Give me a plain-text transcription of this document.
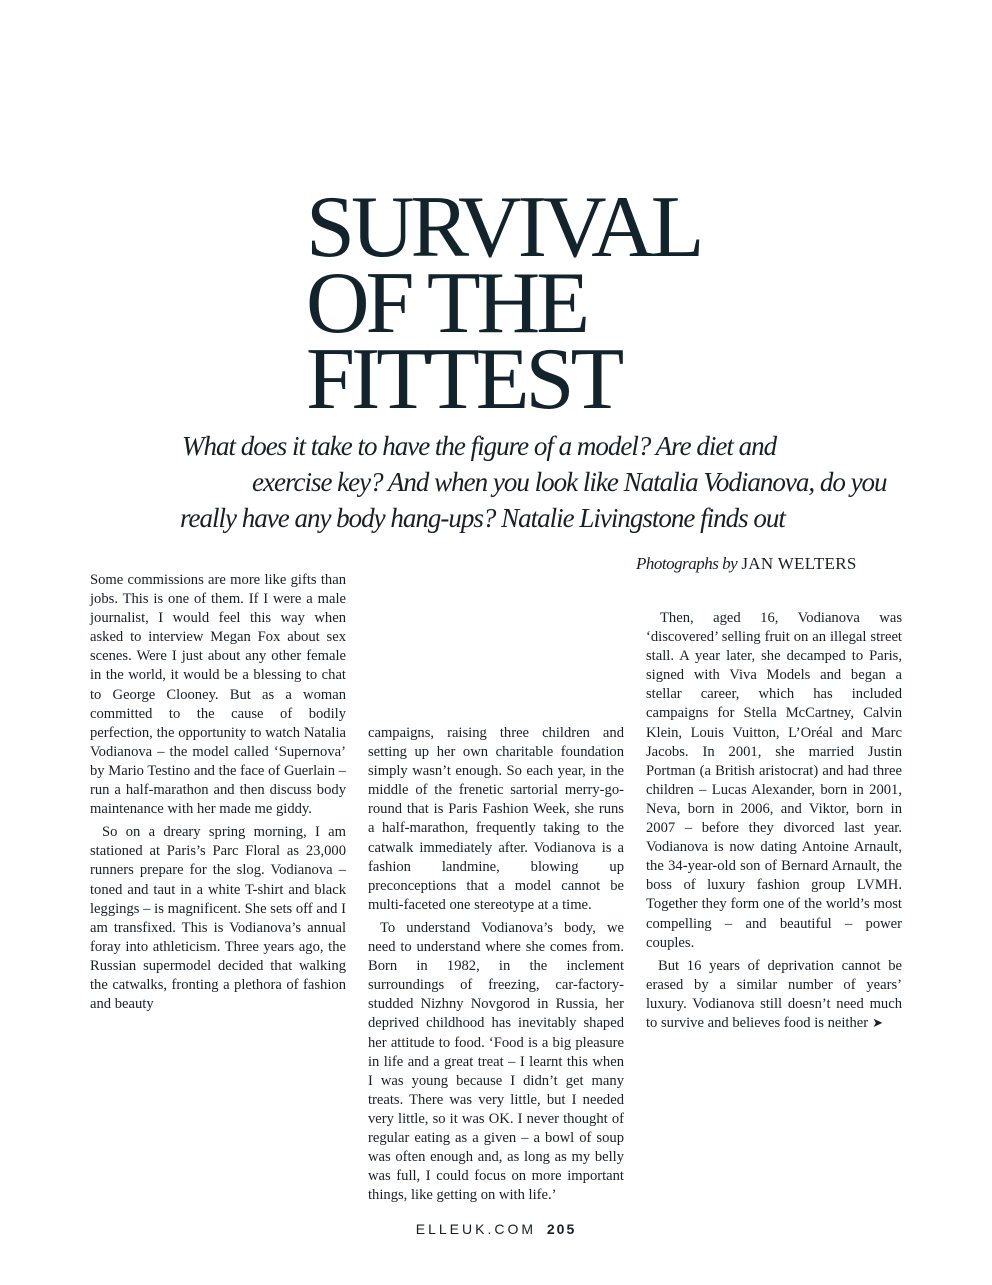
SURVIVAL
OF THE
FITTEST
What does it take to have the figure of a model? Are diet and
exercise key? And when you look like Natalia Vodianova, do you
really have any body hang-ups? Natalie Livingstone finds out
Photographs by JAN WELTERS

Some commissions are more like gifts than jobs. This is one of them. If I were a male journalist, I would feel this way when asked to interview Megan Fox about sex scenes. Were I just about any other female in the world, it would be a blessing to chat to George Clooney. But as a woman committed to the cause of bodily perfection, the opportunity to watch Natalia Vodianova – the model called ‘Supernova’ by Mario Testino and the face of Guerlain – run a half-marathon and then discuss body maintenance with her made me giddy.

So on a dreary spring morning, I am stationed at Paris’s Parc Floral as 23,000 runners prepare for the slog. Vodianova – toned and taut in a white T-shirt and black leggings – is magnificent. She sets off and I am transfixed. This is Vodianova’s annual foray into athleticism. Three years ago, the Russian supermodel decided that walking the catwalks, fronting a plethora of fashion and beauty

campaigns, raising three children and setting up her own charitable foundation simply wasn’t enough. So each year, in the middle of the frenetic sartorial merry-go-round that is Paris Fashion Week, she runs a half-marathon, frequently taking to the catwalk immediately after. Vodianova is a fashion landmine, blowing up preconceptions that a model cannot be multi-faceted one stereotype at a time.

To understand Vodianova’s body, we need to understand where she comes from. Born in 1982, in the inclement surroundings of freezing, car-factory-studded Nizhny Novgorod in Russia, her deprived childhood has inevitably shaped her attitude to food. ‘Food is a big pleasure in life and a great treat – I learnt this when I was young because I didn’t get many treats. There was very little, but I needed very little, so it was OK. I never thought of regular eating as a given – a bowl of soup was often enough and, as long as my belly was full, I could focus on more important things, like getting on with life.’

Then, aged 16, Vodianova was ‘discovered’ selling fruit on an illegal street stall. A year later, she decamped to Paris, signed with Viva Models and began a stellar career, which has included campaigns for Stella McCartney, Calvin Klein, Louis Vuitton, L’Oréal and Marc Jacobs. In 2001, she married Justin Portman (a British aristocrat) and had three children – Lucas Alexander, born in 2001, Neva, born in 2006, and Viktor, born in 2007 – before they divorced last year. Vodianova is now dating Antoine Arnault, the 34-year-old son of Bernard Arnault, the boss of luxury fashion group LVMH. Together they form one of the world’s most compelling – and beautiful – power couples.

But 16 years of deprivation cannot be erased by a similar number of years’ luxury. Vodianova still doesn’t need much to survive and believes food is neither ➤

ELLEUK.COM 205
